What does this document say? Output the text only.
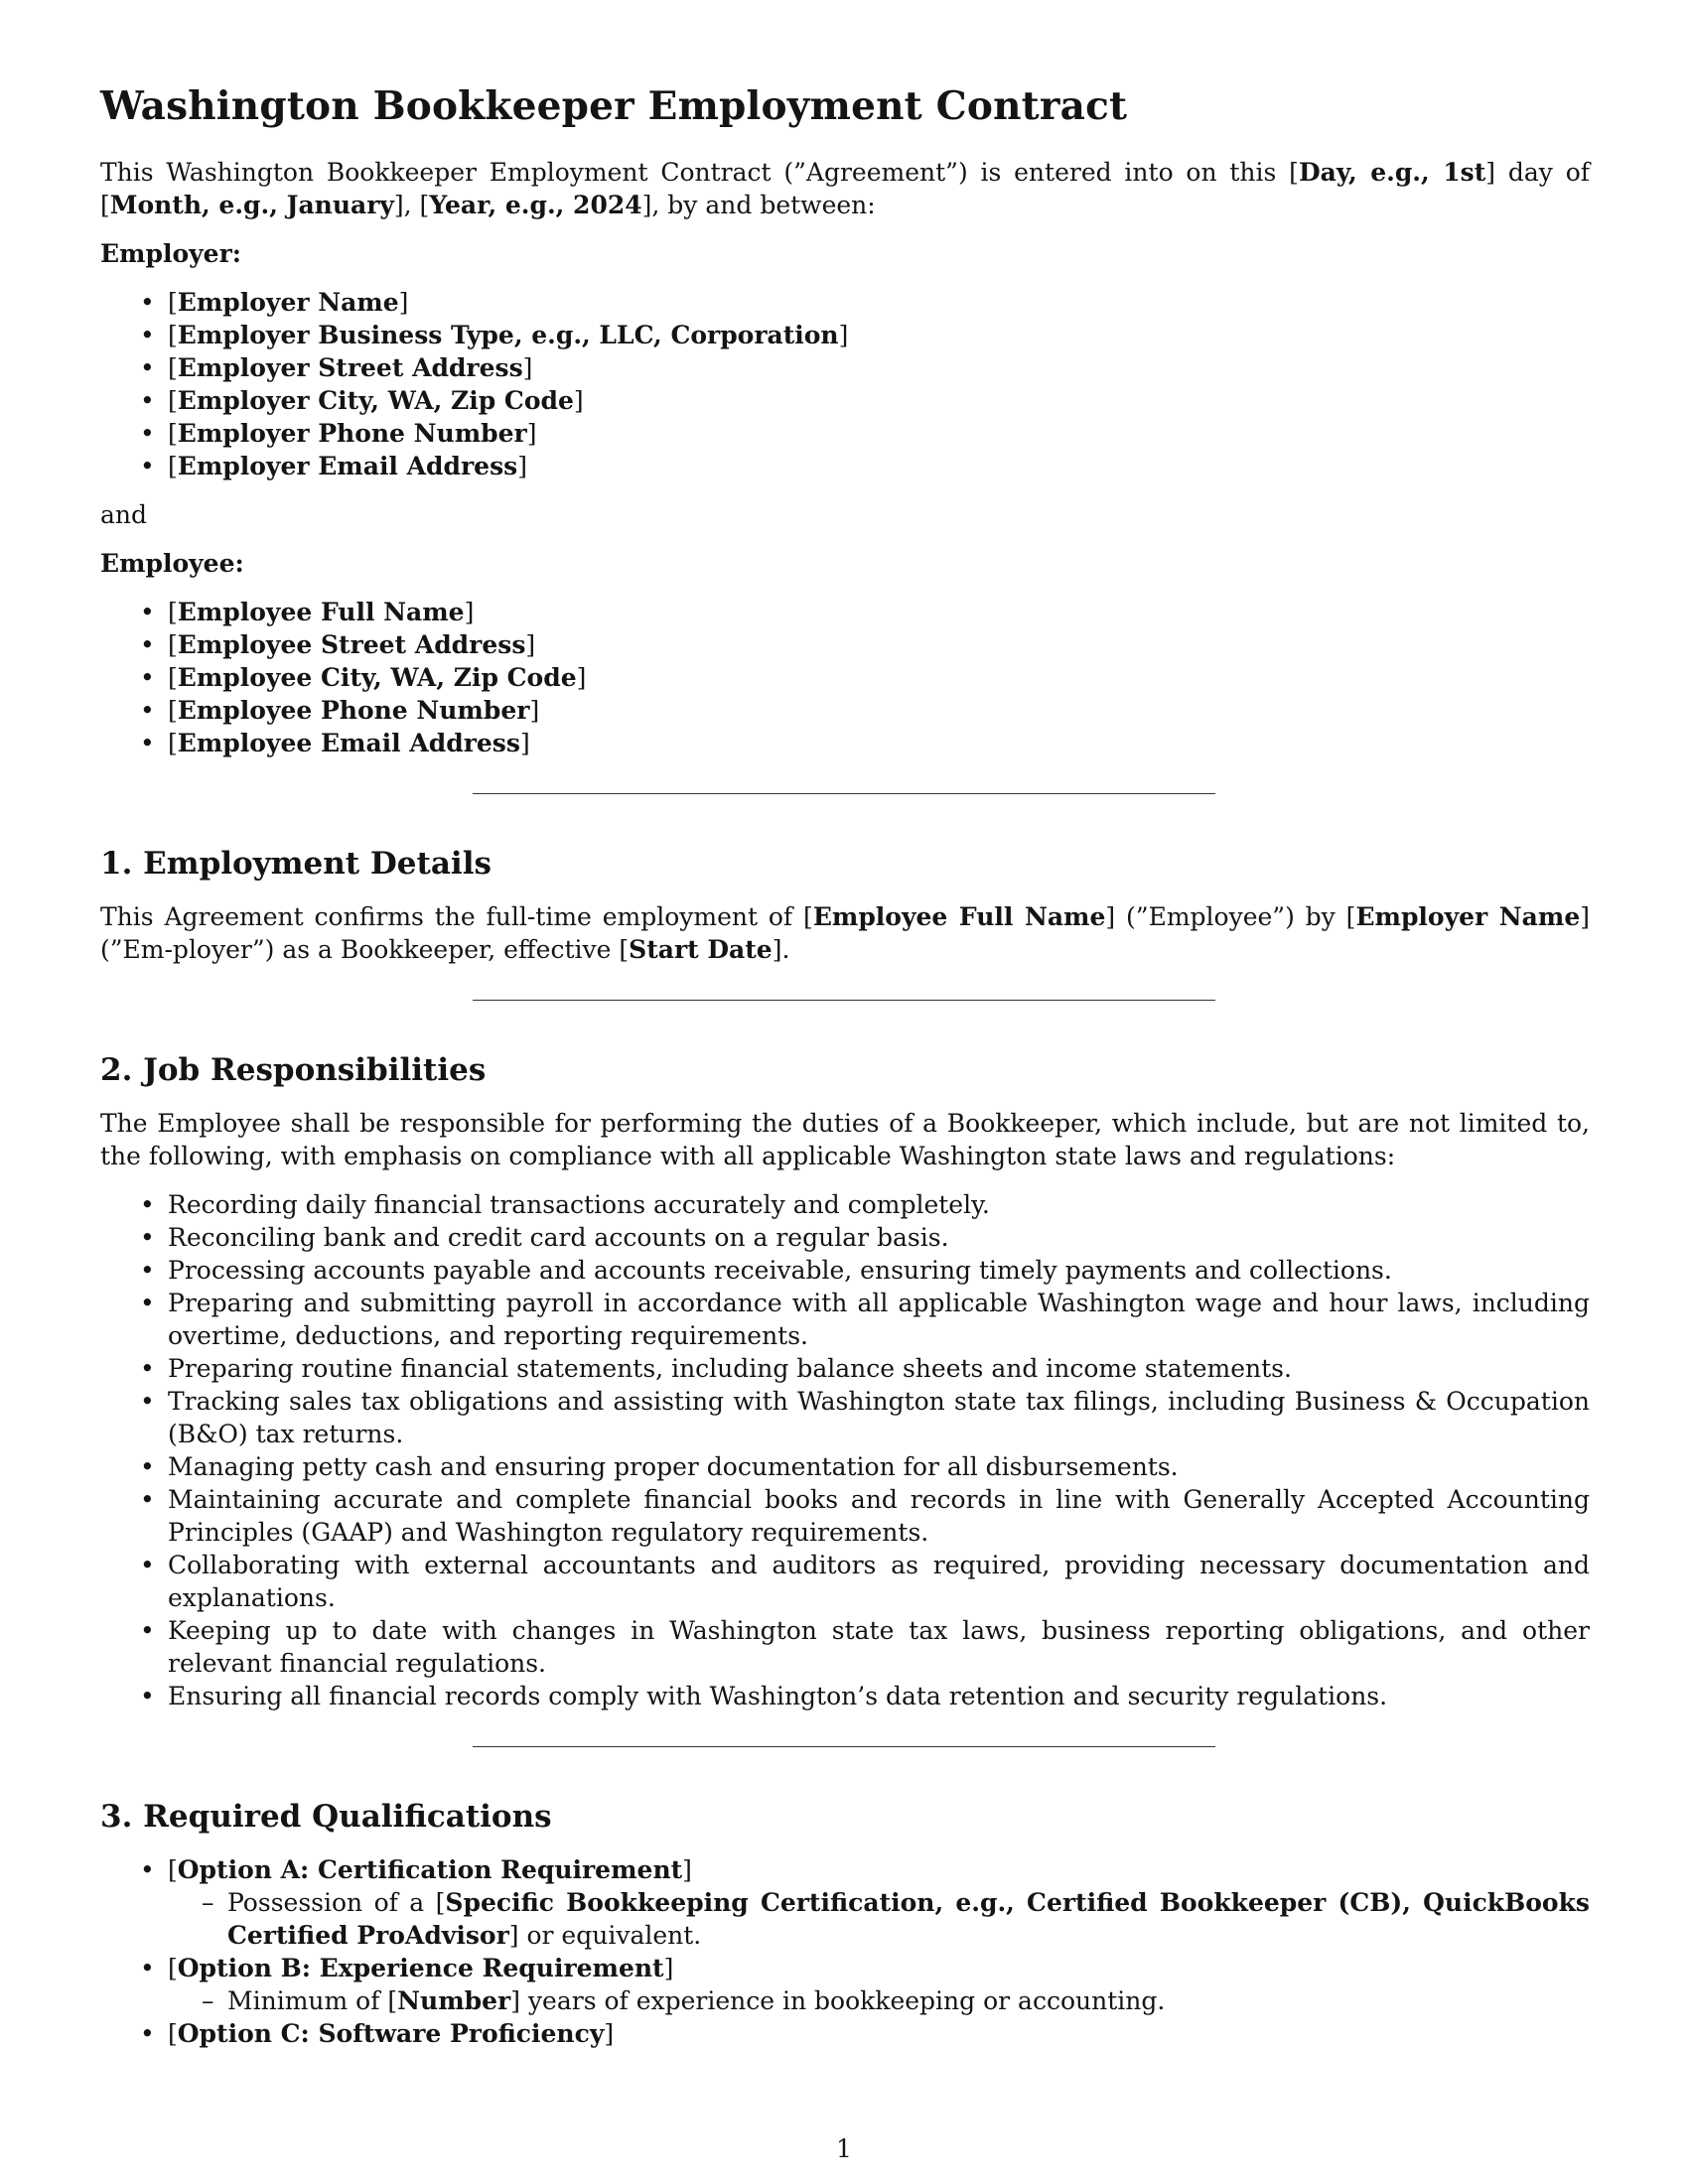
Washington Bookkeeper Employment Contract

This Washington Bookkeeper Employment Contract (”Agreement”) is entered into on this [Day, e.g., 1st] day of [Month, e.g., January], [Year, e.g., 2024], by and between:

Employer:
• [Employer Name]
• [Employer Business Type, e.g., LLC, Corporation]
• [Employer Street Address]
• [Employer City, WA, Zip Code]
• [Employer Phone Number]
• [Employer Email Address]

and

Employee:
• [Employee Full Name]
• [Employee Street Address]
• [Employee City, WA, Zip Code]
• [Employee Phone Number]
• [Employee Email Address]
1. Employment Details

This Agreement confirms the full-time employment of [Employee Full Name] (”Employee”) by [Employer Name] (”Em-ployer”) as a Bookkeeper, effective [Start Date].

2. Job Responsibilities

The Employee shall be responsible for performing the duties of a Bookkeeper, which include, but are not limited to, the following, with emphasis on compliance with all applicable Washington state laws and regulations:

• Recording daily financial transactions accurately and completely.
• Reconciling bank and credit card accounts on a regular basis.
• Processing accounts payable and accounts receivable, ensuring timely payments and collections.
• Preparing and submitting payroll in accordance with all applicable Washington wage and hour laws, including overtime, deductions, and reporting requirements.
• Preparing routine financial statements, including balance sheets and income statements.
• Tracking sales tax obligations and assisting with Washington state tax filings, including Business & Occupation (B&O) tax returns.
• Managing petty cash and ensuring proper documentation for all disbursements.
• Maintaining accurate and complete financial books and records in line with Generally Accepted Accounting Principles (GAAP) and Washington regulatory requirements.
• Collaborating with external accountants and auditors as required, providing necessary documentation and explanations.
• Keeping up to date with changes in Washington state tax laws, business reporting obligations, and other relevant financial regulations.
• Ensuring all financial records comply with Washington’s data retention and security regulations.
3. Required Qualifications
• [Option A: Certification Requirement]
– Possession of a [Specific Bookkeeping Certification, e.g., Certified Bookkeeper (CB), QuickBooks Certified ProAdvisor] or equivalent.
• [Option B: Experience Requirement]
– Minimum of [Number] years of experience in bookkeeping or accounting.
• [Option C: Software Proficiency]
1
